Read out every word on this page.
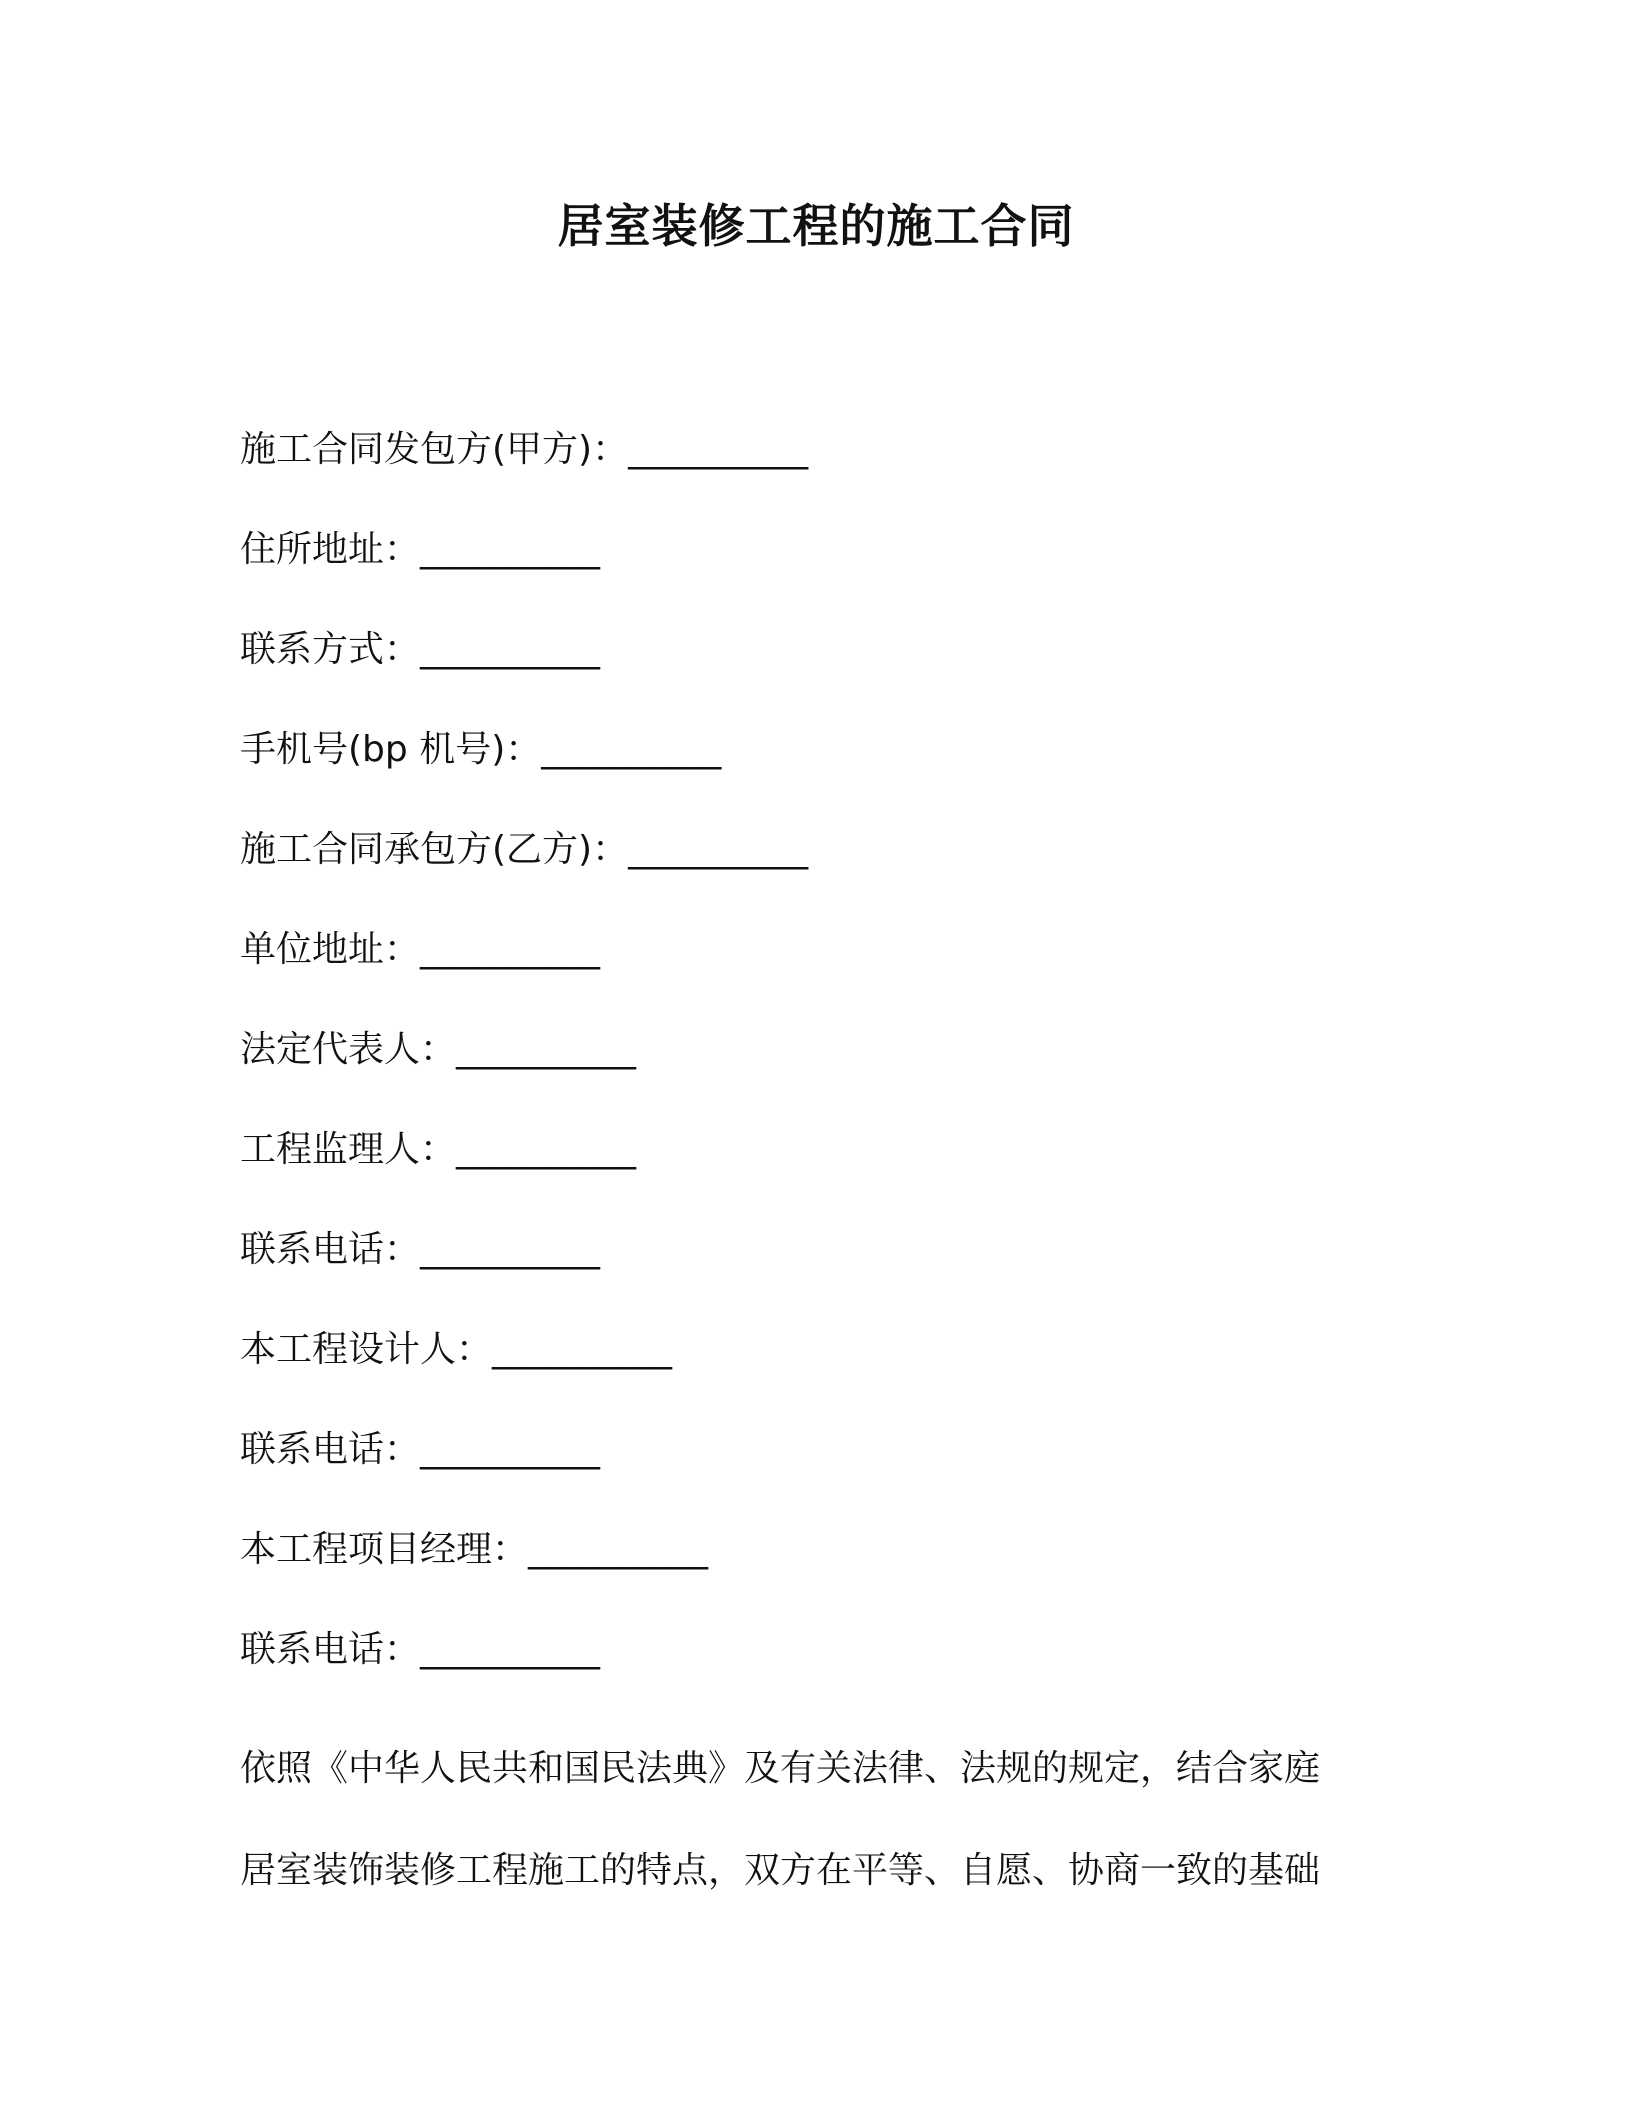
居室装修工程的施工合同
施工合同发包方(甲方)：__________
住所地址：__________
联系方式：__________
手机号(bp 机号)：__________
施工合同承包方(乙方)：__________
单位地址：__________
法定代表人：__________
工程监理人：__________
联系电话：__________
本工程设计人：__________
联系电话：__________
本工程项目经理：__________
联系电话：__________

依照《中华人民共和国民法典》及有关法律、法规的规定，结合家庭
居室装饰装修工程施工的特点，双方在平等、自愿、协商一致的基础
